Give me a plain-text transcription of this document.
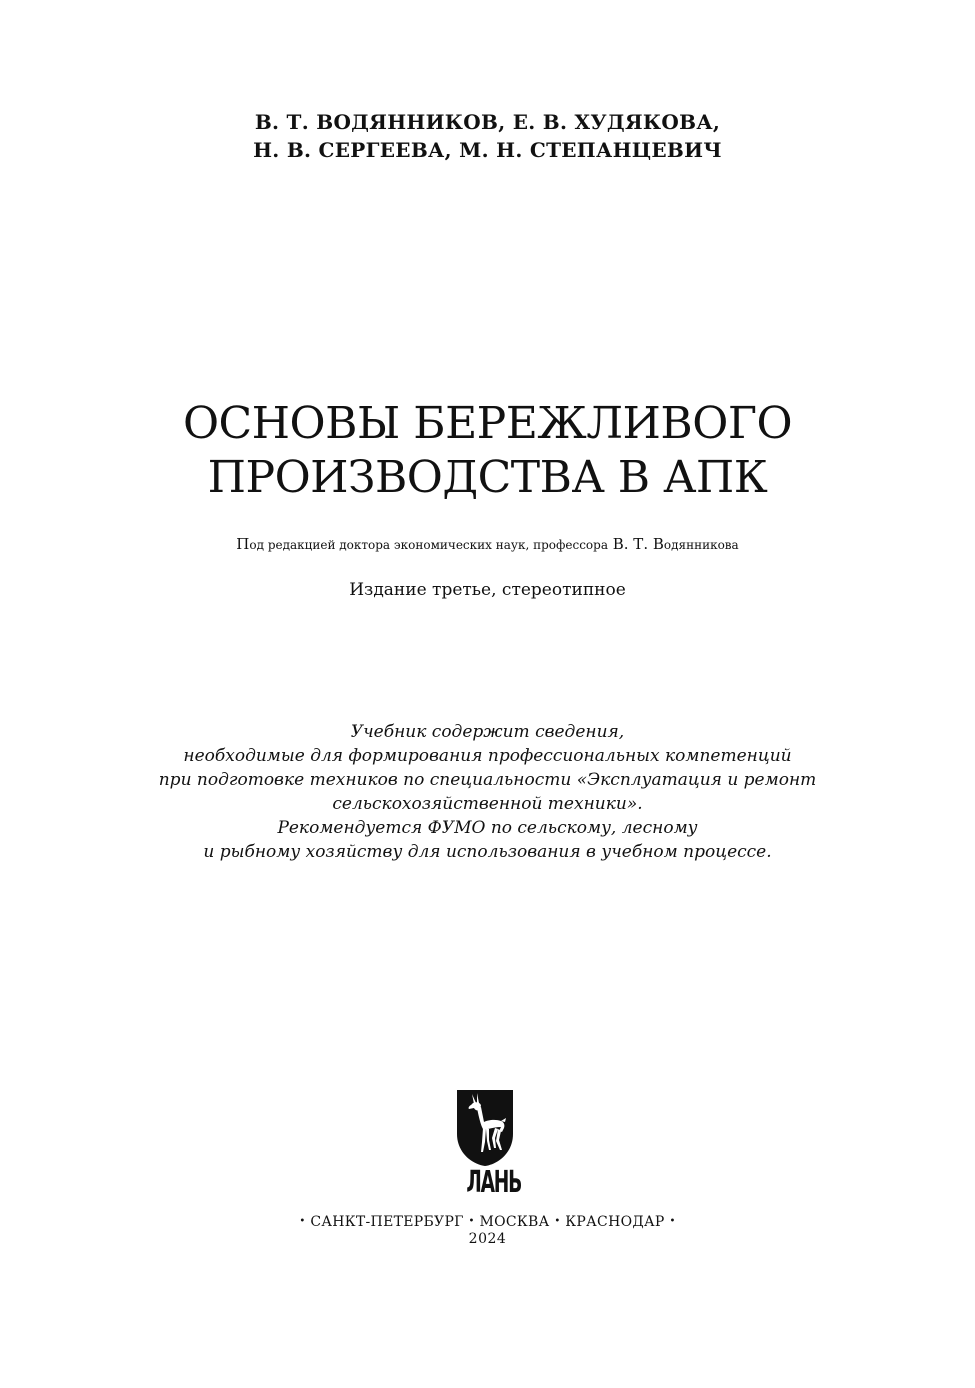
В. Т. ВОДЯННИКОВ, Е. В. ХУДЯКОВА,
Н. В. СЕРГЕЕВА, М. Н. СТЕПАНЦЕВИЧ
ОСНОВЫ БЕРЕЖЛИВОГО
ПРОИЗВОДСТВА В АПК
Под редакцией доктора экономических наук, профессора В. Т. Водянникова
Издание третье, стереотипное
Учебник содержит сведения,
необходимые для формирования профессиональных компетенций
при подготовке техников по специальности «Эксплуатация и ремонт
сельскохозяйственной техники».
Рекомендуется ФУМО по сельскому, лесному
и рыбному хозяйству для использования в учебном процессе.
ЛАНЬ
• САНКТ-ПЕТЕРБУРГ • МОСКВА • КРАСНОДАР •
2024
